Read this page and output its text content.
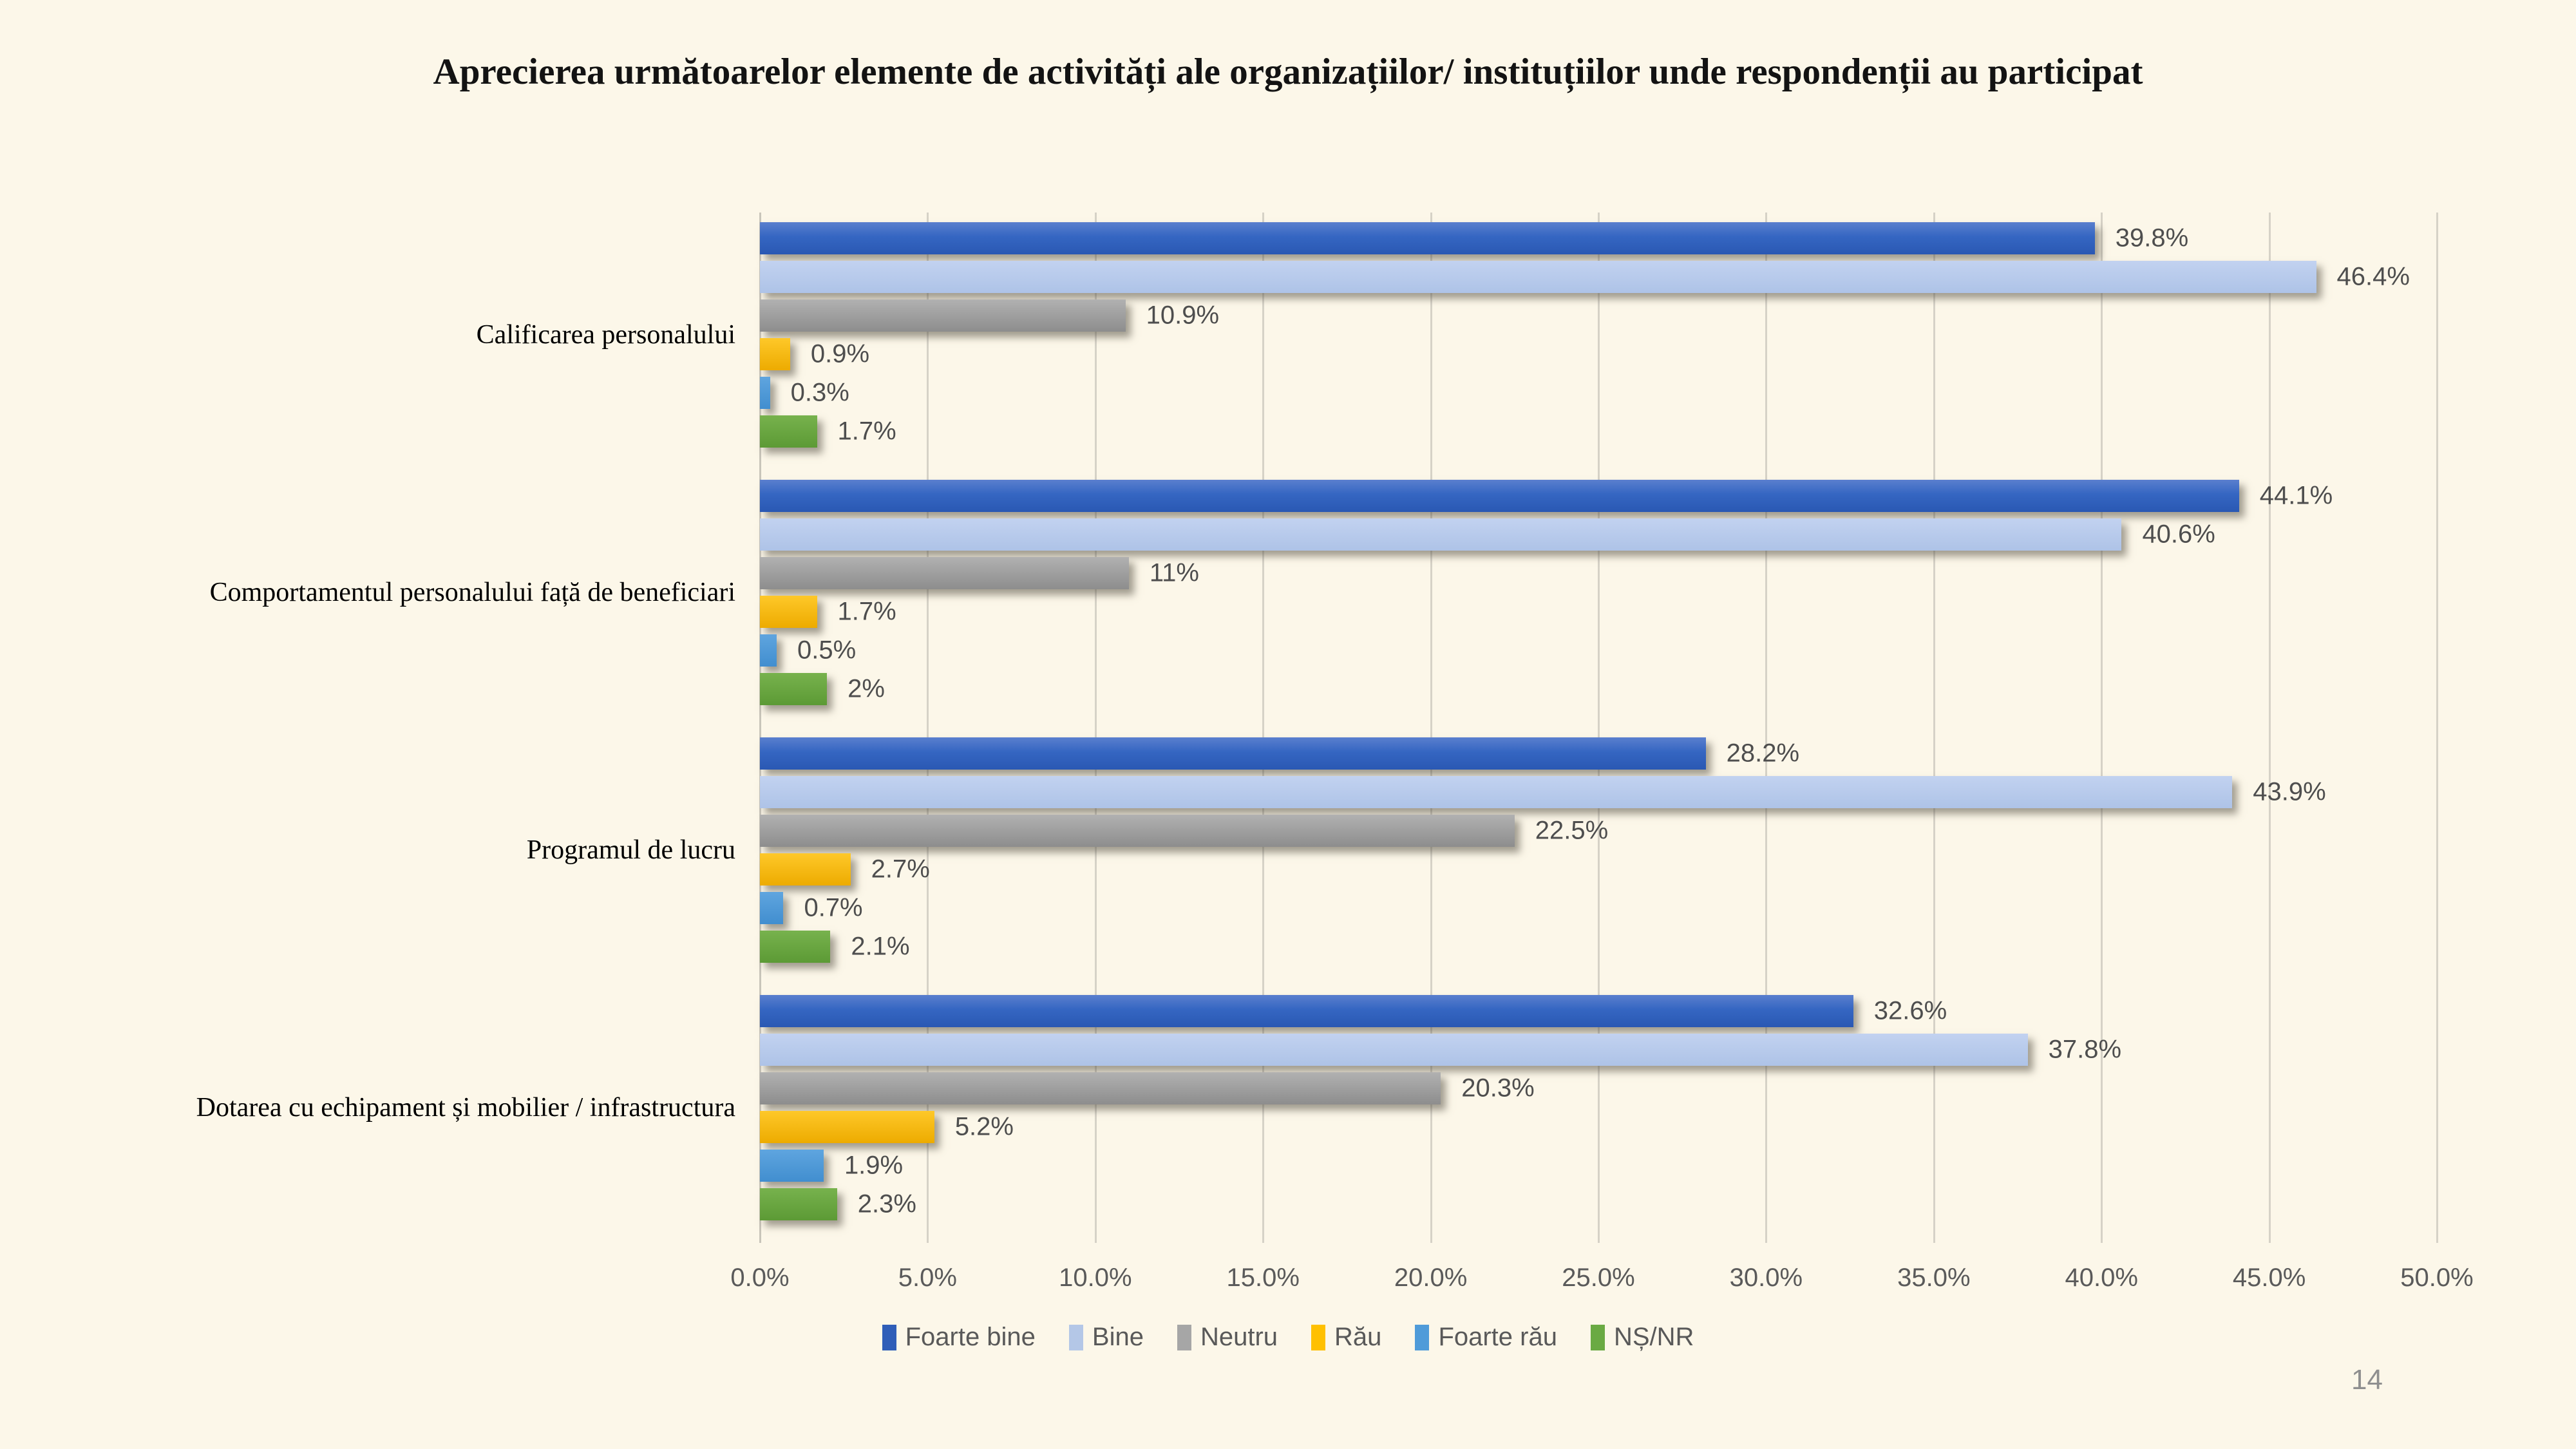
Aprecierea următoarelor elemente de activități ale organizațiilor/ instituțiilor unde respondenții au participat
Calificarea personalului
Comportamentul personalului față de beneficiari
Programul de lucru
Dotarea cu echipament și mobilier / infrastructura
39.8%
46.4%
10.9%
0.9%
0.3%
1.7%
44.1%
40.6%
11%
1.7%
0.5%
2%
28.2%
43.9%
22.5%
2.7%
0.7%
2.1%
32.6%
37.8%
20.3%
5.2%
1.9%
2.3%
0.0%	5.0%	10.0%	15.0%	20.0%	25.0%	30.0%	35.0%	40.0%	45.0%	50.0%
Foarte bine Bine Neutru Rău Foarte rău NȘ/NR
14
